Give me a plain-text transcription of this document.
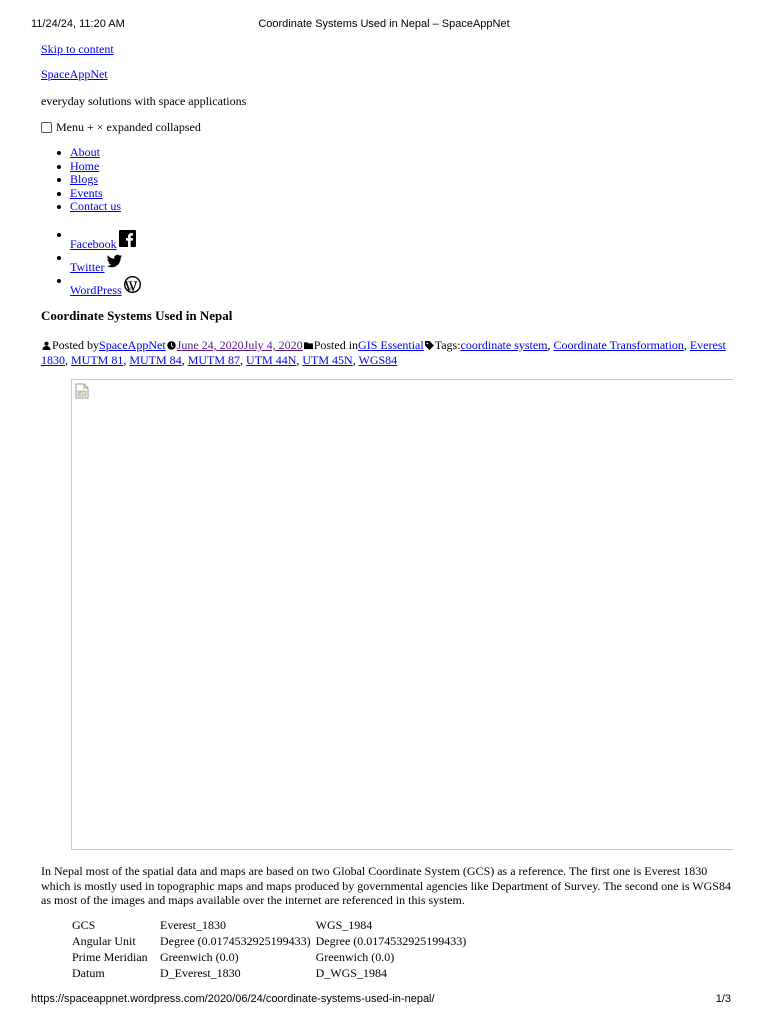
11/24/24, 11:20 AM	Coordinate Systems Used in Nepal – SpaceAppNet
Skip to content
SpaceAppNet
everyday solutions with space applications
Menu + × expanded collapsed
About
Home
Blogs
Events
Contact us
Facebook
Twitter
WordPress
Coordinate Systems Used in Nepal
Posted bySpaceAppNet June 24, 2020July 4, 2020 Posted inGIS Essential Tags:coordinate system, Coordinate Transformation, Everest 1830, MUTM 81, MUTM 84, MUTM 87, UTM 44N, UTM 45N, WGS84

In Nepal most of the spatial data and maps are based on two Global Coordinate System (GCS) as a reference. The first one is Everest 1830 which is mostly used in topographic maps and maps produced by governmental agencies like Department of Survey. The second one is WGS84 as most of the images and maps available over the internet are referenced in this system.

GCS	Everest_1830	WGS_1984
Angular Unit	Degree (0.0174532925199433)	Degree (0.0174532925199433)
Prime Meridian	Greenwich (0.0)	Greenwich (0.0)
Datum	D_Everest_1830	D_WGS_1984
https://spaceappnet.wordpress.com/2020/06/24/coordinate-systems-used-in-nepal/	1/3
